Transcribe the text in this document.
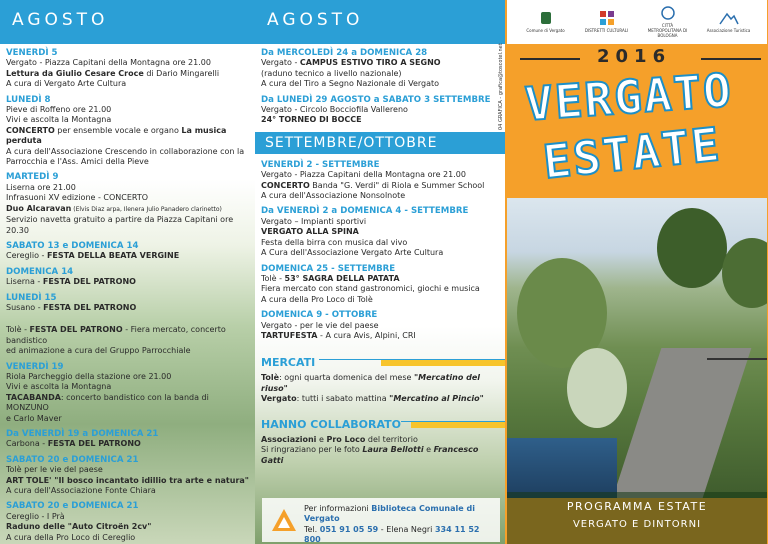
AGOSTO
VENERDÌ 5
Vergato - Piazza Capitani della Montagna ore 21.00
Lettura da Giulio Cesare Croce di Dario Mingarelli
A cura di Vergato Arte Cultura
LUNEDÌ 8
Pieve di Roffeno ore 21.00
Vivi e ascolta la Montagna
CONCERTO per ensemble vocale e organo La musica perduta
A cura dell'Associazione Crescendo in collaborazione con la
Parrocchia e l'Ass. Amici della Pieve
MARTEDÌ 9
Liserna ore 21.00
Infrasuoni XV edizione - CONCERTO
Duo Alcaravan (Elvis Diaz arpa, Ilenera Julio Panadero clarinetto)
Servizio navetta gratuito a partire da Piazza Capitani ore 20.30
SABATO 13 e DOMENICA 14
Cereglio - FESTA DELLA BEATA VERGINE
DOMENICA 14
Liserna - FESTA DEL PATRONO
LUNEDÌ 15
Susano - FESTA DEL PATRONO
Tolè - FESTA DEL PATRONO - Fiera mercato, concerto bandistico
ed animazione a cura del Gruppo Parrocchiale
VENERDÌ 19
Riola Parcheggio della stazione ore 21.00
Vivi e ascolta la Montagna
TACABANDA: concerto bandistico con la banda di MONZUNO
e Carlo Maver
Da VENERDÌ 19 a DOMENICA 21
Carbona - FESTA DEL PATRONO
SABATO 20 e DOMENICA 21
Tolè per le vie del paese
ART TOLE' "Il bosco incantato idillio tra arte e natura"
A cura dell'Associazione Fonte Chiara
SABATO 20 e DOMENICA 21
Cereglio - I Prà
Raduno delle "Auto Citroën 2cv"
A cura della Pro Loco di Cereglio
AGOSTO
Da MERCOLEDÌ 24 a DOMENICA 28
Vergato - CAMPUS ESTIVO TIRO A SEGNO
(raduno tecnico a livello nazionale)
A cura del Tiro a Segno Nazionale di Vergato
Da LUNEDÌ 29 AGOSTO a SABATO 3 SETTEMBRE
Vergato - Circolo Bocciofila Vallereno
24° TORNEO DI BOCCE
SETTEMBRE/OTTOBRE
VENERDÌ 2 - SETTEMBRE
Vergato - Piazza Capitani della Montagna ore 21.00
CONCERTO Banda "G. Verdi" di Riola e Summer School
A cura dell'Associazione Nonsolnote
Da VENERDÌ 2 a DOMENICA 4 - SETTEMBRE
Vergato – Impianti sportivi
VERGATO ALLA SPINA
Festa della birra con musica dal vivo
A Cura dell'Associazione Vergato Arte Cultura
DOMENICA 25 - SETTEMBRE
Tolè - 53° SAGRA DELLA PATATA
Fiera mercato con stand gastronomici, giochi e musica
A cura della Pro Loco di Tolè
DOMENICA 9 - OTTOBRE
Vergato - per le vie del paese
TARTUFESTA - A cura Avis, Alpini, CRI
MERCATI

Tolè: ogni quarta domenica del mese "Mercatino del riuso"

Vergato: tutti i sabato mattina "Mercatino al Pincio"

HANNO COLLABORATO

Associazioni e Pro Loco del territorio

Si ringraziano per le foto Laura Bellotti e Francesco Gatti

Per informazioni Biblioteca Comunale di Vergato
Tel. 051 91 05 59 - Elena Negri 334 11 52 800
04 GRAFICA - grafica@toscotel.net
Comune di Vergato	DISTRETTI CULTURALI
CITTÀ METROPOLITANA DI BOLOGNA
Associazione Turistica
2016
VERGATO
ESTATE
PROGRAMMA ESTATE
VERGATO E DINTORNI
